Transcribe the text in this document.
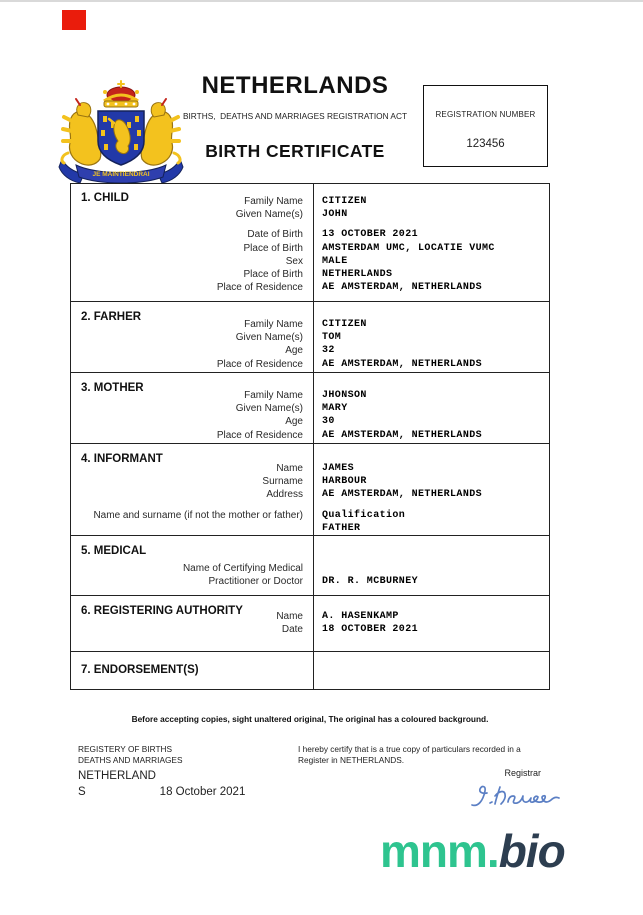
JE MAINTIENDRAI
NETHERLANDS
BIRTHS,  DEATHS AND MARRIAGES REGISTRATION ACT
BIRTH CERTIFICATE
REGISTRATION NUMBER
123456
1. CHILD	Family Name	CITIZEN
Given Name(s)	JOHN
Date of Birth	13 OCTOBER 2021
Place of Birth	AMSTERDAM UMC, LOCATIE VUMC
Sex	MALE
Place of Birth	NETHERLANDS
Place of Residence	AE AMSTERDAM, NETHERLANDS
2. FARHER
Family Name	CITIZEN
Given Name(s)	TOM
Age	32
Place of Residence	AE AMSTERDAM, NETHERLANDS
3. MOTHER
Family Name	JHONSON
Given Name(s)	MARY
Age	30
Place of Residence	AE AMSTERDAM, NETHERLANDS
4. INFORMANT
Name	JAMES
Surname	HARBOUR
Address	AE AMSTERDAM, NETHERLANDS
Name and surname (if not the mother or father)	Qualification
FATHER
5. MEDICAL
Name of Certifying Medical
Practitioner or Doctor	DR. R. MCBURNEY
6. REGISTERING AUTHORITY	Name	A. HASENKAMP
Date	18 OCTOBER 2021
7. ENDORSEMENT(S)
Before accepting copies, sight unaltered original, The original has a coloured background.
REGISTERY OF BIRTHS
DEATHS AND MARRIAGES
NETHERLAND
S	18 October 2021
I hereby certify that is a true copy of particulars recorded in a Register in NETHERLANDS.
Registrar
mnm.bio
